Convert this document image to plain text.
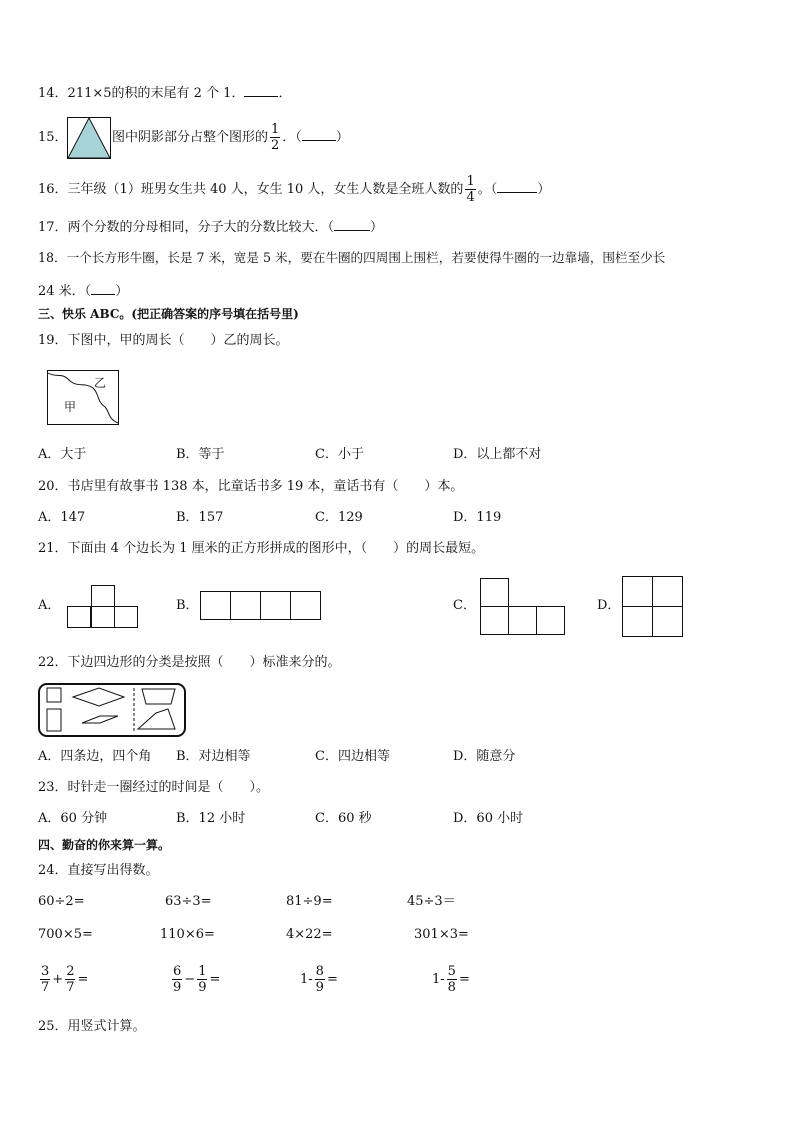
14．211×5的积的末尾有 2 个 1．	．
15．	图中阴影部分占整个图形的 $\frac{1}{2}$ ．（	）
16．三年级（1）班男女生共 40 人，女生 10 人，女生人数是全班人数的 $\frac{1}{4}$ 。（	）
17．两个分数的分母相同，分子大的分数比较大．（	）
18．一个长方形牛圈，长是 7 米，宽是 5 米，要在牛圈的四周围上围栏，若要使得牛圈的一边靠墙，围栏至少长
24 米．（ ）
三、快乐 ABC。(把正确答案的序号填在括号里)
19．下图中，甲的周长（　　）乙的周长。
乙
甲
A．大于	B．等于	C．小于	D．以上都不对
20．书店里有故事书 138 本，比童话书多 19 本，童话书有（　　）本。
A．147	B．157	C．129	D．119
21．下面由 4 个边长为 1 厘米的正方形拼成的图形中，（　　）的周长最短。
A．	B．	C．	D．
22．下边四边形的分类是按照（　　）标准来分的。
A．四条边，四个角 B．对边相等	C．四边相等	D．随意分
23．时针走一圈经过的时间是（　　）。
A．60 分钟	B．12 小时	C．60 秒	D．60 小时
四、勤奋的你来算一算。
24．直接写出得数。
60÷2=	63÷3=	81÷9=	45÷3＝
700×5=	110×6=	4×22=	301×3=
$\frac{3}{7} + \frac{2}{7}$ =	$\frac{6}{9} - \frac{1}{9}$ =	$1- \frac{8}{9}$ =	$1- \frac{5}{8}$ =
25．用竖式计算。
